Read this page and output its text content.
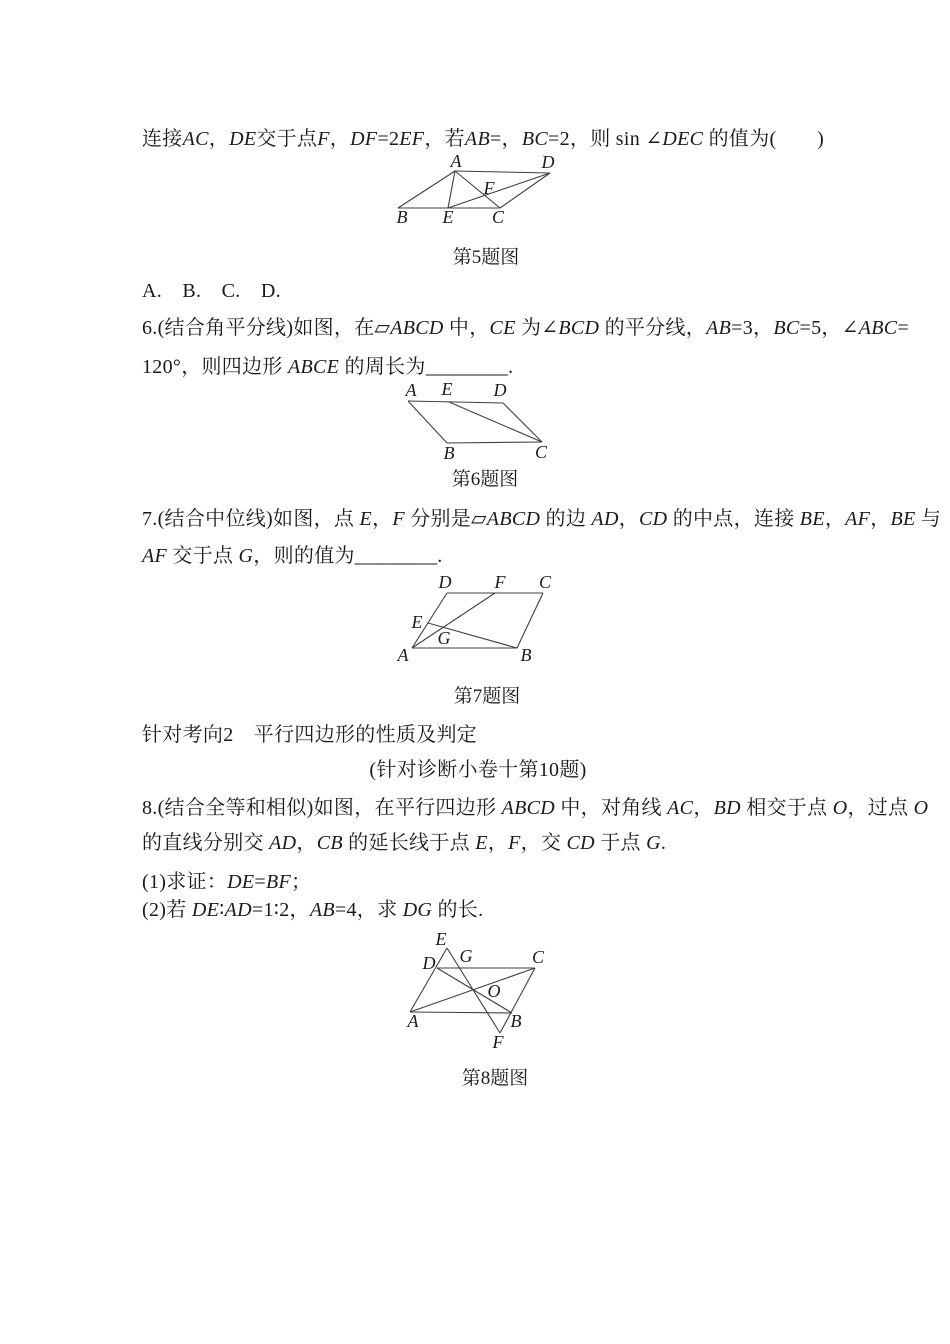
A	D
B E C
F
A E D
B	C
D F C
E
G
A	B
E
D G	C
O
A	B
F
连接AC，DE交于点F，DF=2EF，若AB=，BC=2，则 sin ∠DEC 的值为(　　)
A.　B.　C.　D.
6.(结合角平分线)如图，在▱ABCD 中，CE 为∠BCD 的平分线，AB=3，BC=5，∠ABC=
120°，则四边形 ABCE 的周长为________.
7.(结合中位线)如图，点 E，F 分别是▱ABCD 的边 AD，CD 的中点，连接 BE，AF，BE 与
AF 交于点 G，则的值为________.
针对考向2　平行四边形的性质及判定
(针对诊断小卷十第10题)
8.(结合全等和相似)如图，在平行四边形 ABCD 中，对角线 AC，BD 相交于点 O，过点 O
的直线分别交 AD，CB 的延长线于点 E，F，交 CD 于点 G.
(1)求证：DE=BF；
(2)若 DE∶AD=1∶2，AB=4，求 DG 的长.
第5题图
第6题图
第7题图
第8题图
